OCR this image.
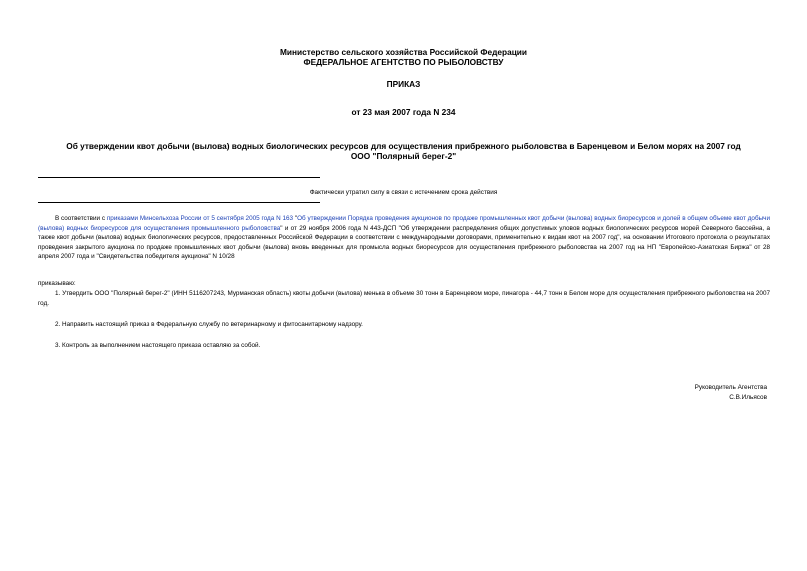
Министерство сельского хозяйства Российской Федерации
ФЕДЕРАЛЬНОЕ АГЕНТСТВО ПО РЫБОЛОВСТВУ
ПРИКАЗ
от 23 мая 2007 года N 234
Об утверждении квот добычи (вылова) водных биологических ресурсов для осуществления прибрежного рыболовства в Баренцевом и Белом морях на 2007 год
ООО "Полярный берег-2"
Фактически утратил силу в связи с истечением срока действия
В соответствии с приказами Минсельхоза России от 5 сентября 2005 года N 163 "Об утверждении Порядка проведения аукционов по продаже промышленных квот добычи (вылова) водных биоресурсов и долей в общем объеме квот добычи (вылова) водных биоресурсов для осуществления промышленного рыболовства" и от 29 ноября 2006 года N 443-ДСП "Об утверждении распределения общих допустимых уловов водных биологических ресурсов морей Северного бассейна, а также квот добычи (вылова) водных биологических ресурсов, предоставленных Российской Федерации в соответствии с международными договорами, применительно к видам квот на 2007 год", на основании Итогового протокола о результатах проведения закрытого аукциона по продаже промышленных квот добычи (вылова) вновь введенных для промысла водных биоресурсов для осуществления прибрежного рыболовства на 2007 год на НП "Европейско-Азиатская Биржа" от 28 апреля 2007 года и "Свидетельства победителя аукциона" N 10/28
приказываю:
1. Утвердить ООО "Полярный берег-2" (ИНН 5116207243, Мурманская область) квоты добычи (вылова) менька в объеме 30 тонн в Баренцевом море, пинагора - 44,7 тонн в Белом море для осуществления прибрежного рыболовства на 2007 год.
2. Направить настоящий приказ в Федеральную службу по ветеринарному и фитосанитарному надзору.
3. Контроль за выполнением настоящего приказа оставляю за собой.
Руководитель Агентства
С.В.Ильясов
